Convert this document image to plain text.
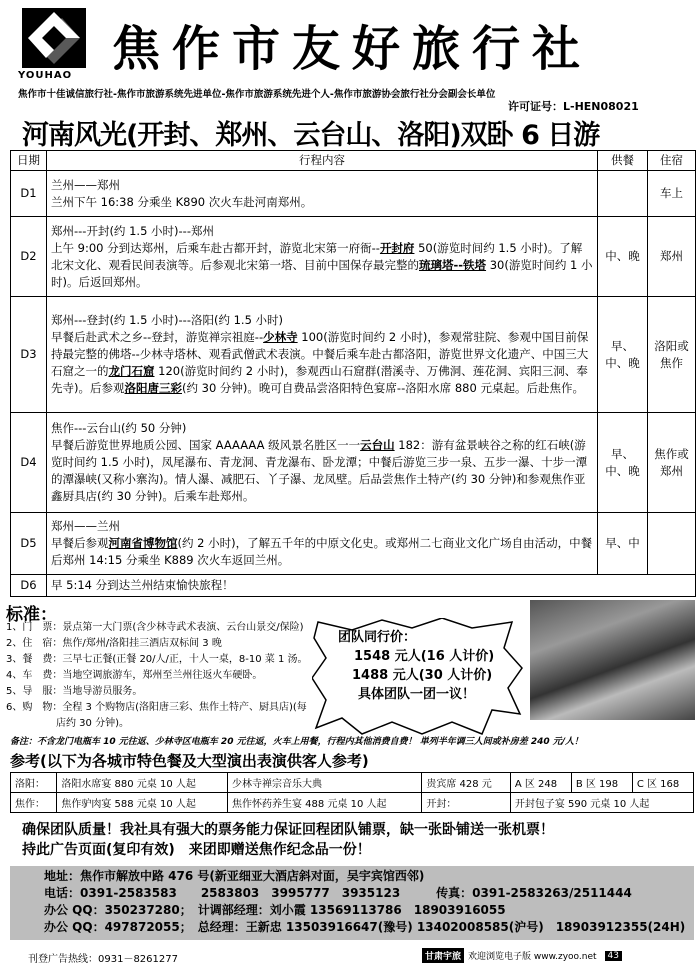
YOUHAO 焦作市友好旅行社
焦作市十佳诚信旅行社-焦作市旅游系统先进单位-焦作市旅游系统先进个人-焦作市旅游协会旅行社分会副会长单位
许可证号：L-HEN08021
河南风光(开封、郑州、云台山、洛阳)双卧 6 日游
日期	行程内容	供餐	住宿
D1	兰州——郑州
兰州下午 16:38 分乘坐 K890 次火车赴河南郑州。		车上
D2	郑州---开封(约 1.5 小时)---郑州
上午 9:00 分到达郑州，后乘车赴古都开封，游览北宋第一府衙--开封府 50(游览时间约 1.5 小时)。了解北宋文化、观看民间表演等。后参观北宋第一塔、目前中国保存最完整的琉璃塔--铁塔 30(游览时间约 1 小时)。后返回郑州。	中、晚	郑州
D3	郑州---登封(约 1.5 小时)---洛阳(约 1.5 小时)
早餐后赴武术之乡--登封，游览禅宗祖庭--少林寺 100(游览时间约 2 小时)，参观常驻院、参观中国目前保持最完整的佛塔--少林寺塔林、观看武僧武术表演。中餐后乘车赴古都洛阳，游览世界文化遗产、中国三大石窟之一的龙门石窟 120(游览时间约 2 小时)，参观西山石窟群(潜溪寺、万佛洞、莲花洞、宾阳三洞、奉先寺)。后参观洛阳唐三彩(约 30 分钟)。晚可自费品尝洛阳特色宴席--洛阳水席 880 元桌起。后赴焦作。	早、中、晚	洛阳或焦作
D4	焦作---云台山(约 50 分钟)
早餐后游览世界地质公园、国家 AAAAAA 级风景名胜区一一云台山 182：游有盆景峡谷之称的红石峡(游览时间约 1.5 小时)，凤尾瀑布、青龙洞、青龙瀑布、卧龙潭；中餐后游览三步一泉、五步一瀑、十步一潭的潭瀑峡(又称小寨沟)。情人瀑、减肥石、丫子瀑、龙凤壁。后品尝焦作土特产(约 30 分钟)和参观焦作亚鑫厨具店(约 30 分钟)。后乘车赴郑州。	早、中、晚	焦作或郑州
D5	郑州——兰州
早餐后参观河南省博物馆(约 2 小时)，了解五千年的中原文化史。或郑州二七商业文化广场自由活动，中餐后郑州 14:15 分乘坐 K889 次火车返回兰州。	早、中	
D6	早 5:14 分到达兰州结束愉快旅程！		
标准：
1、门　票：景点第一大门票(含少林寺武术表演、云台山景交/保险)
2、住　宿：焦作/郑州/洛阳挂三酒店双标间 3 晚
3、餐　费：三早七正餐(正餐 20/人/正，十人一桌，8-10 菜 1 汤。
4、车　费：当地空调旅游车，郑州至兰州往返火车硬卧。
5、导　服：当地导游员服务。
6、购　物：全程 3 个购物店(洛阳唐三彩、焦作土特产、厨具店)(每
　　　　　店约 30 分钟)。
团队同行价：
1548 元人(16 人计价)
1488 元人(30 人计价)
具体团队一团一议！
备注：不含龙门电瓶车 10 元往返、少林寺区电瓶车 20 元往返，火车上用餐，行程内其他消费自费！ 単列半年调三人间或补房差 240 元/人！
参考(以下为各城市特色餐及大型演出表演供客人参考)
洛阳：	洛阳水席宴 880 元桌 10 人起	少林寺禅宗音乐大典	贵宾席 428 元	A 区 248	B 区 198	C 区 168
焦作：	焦作驴肉宴 588 元桌 10 人起	焦作怀药养生宴 488 元桌 10 人起	开封：	开封包子宴 590 元桌 10 人起		
确保团队质量！我社具有强大的票务能力保证回程团队铺票，缺一张卧铺送一张机票！
持此广告页面(复印有效)　来团即赠送焦作纪念品一份！
地址：焦作市解放中路 476 号(新亚细亚大酒店斜对面，吴宇宾馆西邻)
电话：0391-2583583　　2583803　3995777　3935123　　　传真：0391-2583263/2511444
办公 QQ：350237280；　计调部经理：刘小霞 13569113786　18903916055
办公 QQ：497872055；　总经理：王新忠 13503916647(豫号) 13402008585(沪号)　18903912355(24H)
刊登广告热线：0931－8261277	甘肃宇旅 欢迎浏览电子版 www.zyoo.net	43
